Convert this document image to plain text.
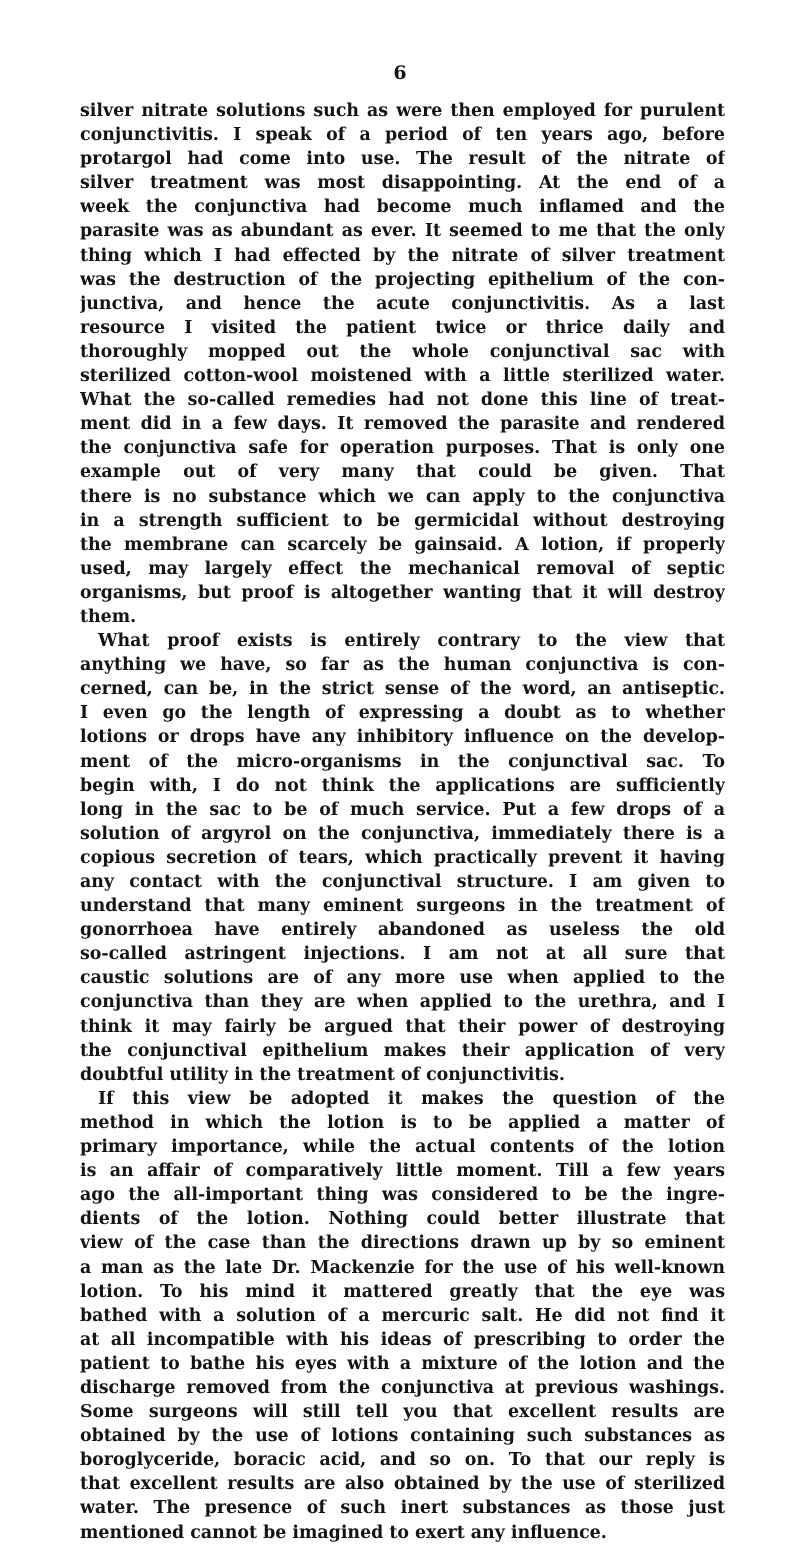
6
silver nitrate solutions such as were then employed for purulent
conjunctivitis. I speak of a period of ten years ago, before
protargol had come into use. The result of the nitrate of
silver treatment was most disappointing. At the end of a
week the conjunctiva had become much inflamed and the
parasite was as abundant as ever. It seemed to me that the only
thing which I had effected by the nitrate of silver treatment
was the destruction of the projecting epithelium of the con-
junctiva, and hence the acute conjunctivitis. As a last
resource I visited the patient twice or thrice daily and
thoroughly mopped out the whole conjunctival sac with
sterilized cotton-wool moistened with a little sterilized water.
What the so-called remedies had not done this line of treat-
ment did in a few days. It removed the parasite and rendered
the conjunctiva safe for operation purposes. That is only one
example out of very many that could be given. That
there is no substance which we can apply to the conjunctiva
in a strength sufficient to be germicidal without destroying
the membrane can scarcely be gainsaid. A lotion, if properly
used, may largely effect the mechanical removal of septic
organisms, but proof is altogether wanting that it will destroy
them.
What proof exists is entirely contrary to the view that
anything we have, so far as the human conjunctiva is con-
cerned, can be, in the strict sense of the word, an antiseptic.
I even go the length of expressing a doubt as to whether
lotions or drops have any inhibitory influence on the develop-
ment of the micro-organisms in the conjunctival sac. To
begin with, I do not think the applications are sufficiently
long in the sac to be of much service. Put a few drops of a
solution of argyrol on the conjunctiva, immediately there is a
copious secretion of tears, which practically prevent it having
any contact with the conjunctival structure. I am given to
understand that many eminent surgeons in the treatment of
gonorrhoea have entirely abandoned as useless the old
so-called astringent injections. I am not at all sure that
caustic solutions are of any more use when applied to the
conjunctiva than they are when applied to the urethra, and I
think it may fairly be argued that their power of destroying
the conjunctival epithelium makes their application of very
doubtful utility in the treatment of conjunctivitis.
If this view be adopted it makes the question of the
method in which the lotion is to be applied a matter of
primary importance, while the actual contents of the lotion
is an affair of comparatively little moment. Till a few years
ago the all-important thing was considered to be the ingre-
dients of the lotion. Nothing could better illustrate that
view of the case than the directions drawn up by so eminent
a man as the late Dr. Mackenzie for the use of his well-known
lotion. To his mind it mattered greatly that the eye was
bathed with a solution of a mercuric salt. He did not find it
at all incompatible with his ideas of prescribing to order the
patient to bathe his eyes with a mixture of the lotion and the
discharge removed from the conjunctiva at previous washings.
Some surgeons will still tell you that excellent results are
obtained by the use of lotions containing such substances as
boroglyceride, boracic acid, and so on. To that our reply is
that excellent results are also obtained by the use of sterilized
water. The presence of such inert substances as those just
mentioned cannot be imagined to exert any influence.
